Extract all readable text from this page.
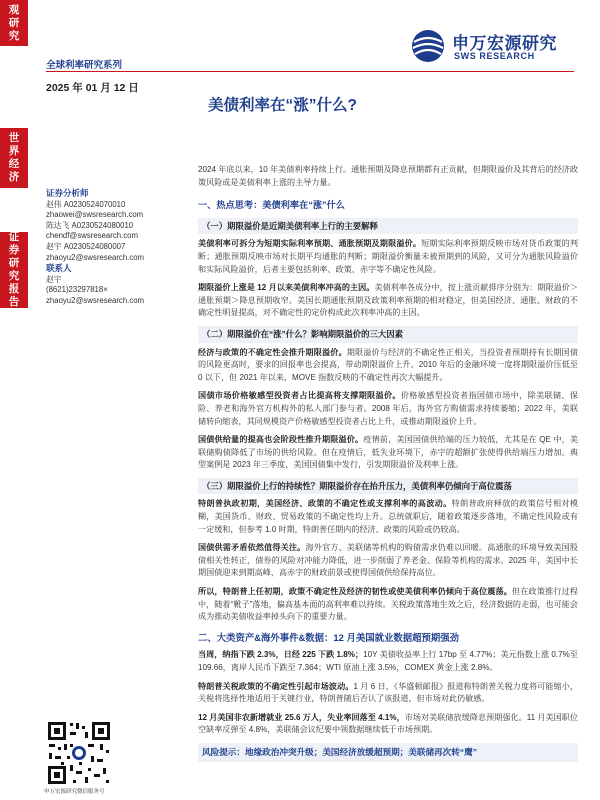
观研究
世界经济
证券研究报告
全球利率研究系列
2025 年 01 月 12 日
申万宏源研究
SWS RESEARCH
美债利率在“涨”什么?
证券分析师
赵伟 A0230524070010
zhaowei@swsresearch.com
陈达飞 A0230524080010
chendf@swsresearch.com
赵宇 A0230524080007
zhaoyu2@swsresearch.com
联系人
赵宇
(8621)23297818×
zhaoyu2@swsresearch.com
申万宏源研究微信服务号

2024 年底以来，10 年美债利率持续上行。通胀预期及降息预期都有正贡献，但期限溢价及其背后的经济政策风险或是美债利率上涨的主导力量。

一、热点思考：美债利率在“涨”什么
（一）期限溢价是近期美债利率上行的主要解释

美债利率可拆分为短期实际利率预期、通胀预期及期限溢价。短期实际利率预期反映市场对货币政策的判断；通胀预期反映市场对长期平均通胀的判断；期限溢价衡量未被预期到的风险，又可分为通胀风险溢价和实际风险溢价，后者主要包括利率、政策、赤字等不确定性风险。

期限溢价上涨是 12 月以来美债利率冲高的主因。美债利率各成分中，按上涨贡献排序分别为：期限溢价＞通胀预期＞降息预期收窄。美国长期通胀预期及政策利率预期的相对稳定，但美国经济、通胀、财政的不确定性明显提高，对不确定性的定价构成此次利率冲高的主因。

（二）期限溢价在“涨”什么？影响期限溢价的三大因素

经济与政策的不确定性会推升期限溢价。期限溢价与经济的不确定性正相关，当投资者预期持有长期国债的风险更高时，要求的回报率也会提高，带动期限溢价上升。2010 年后的金融环境一度将期限溢价压低至 0 以下，但 2021 年以来，MOVE 指数反映的不确定性再次大幅提升。

国债市场价格敏感型投资者占比提高将支撑期限溢价。价格敏感型投资者指国债市场中，除美联储、保险、养老和海外官方机构外的私人部门参与者。2008 年后，海外官方购债需求持续萎缩；2022 年，美联储转向缩表，其同规模资产价格敏感型投资者占比上升，或推动期限溢价上升。

国债供给量的提高也会阶段性推升期限溢价。疫情前，美国国债供给端的压力较低，尤其是在 QE 中，美联储购债降低了市场的供给风险。但在疫情后，低失业环境下，赤字的超额扩张使得供给端压力增加。典型案例是 2023 年三季度，美国国债集中发行，引发期限溢价及利率上涨。

（三）期限溢价上行的持续性？期限溢价存在抬升压力，美债利率仍倾向于高位震荡

特朗普执政初期，美国经济、政策的不确定性或支撑利率的高波动。特朗普政府释放的政策信号相对模糊，美国货币、财政、贸易政策的不确定性均上升。总统就职后，随着政策逐步落地，不确定性风险或有一定缓和，但参考 1.0 时期，特朗普任期内的经济、政策的风险或仍较高。

国债供需矛盾依然值得关注。海外官方、美联储等机构的购债需求仍难以回暖。高通胀的环境导致美国股债相关性转正，债券的风险对冲能力降低，进一步削弱了养老金、保险等机构的需求。2025 年，美国中长期国债迎来到期高峰，高赤字的财政前景或使得国债供给保持高位。

所以，特朗普上任初期，政策不确定性及经济的韧性或使美债利率仍倾向于高位震荡。但在政策推行过程中，随着“靴子”落地，偏高基本面的高利率难以持续。关税政策落地生效之后，经济数据的走弱，也可能会成为推动美债收益率掉头向下的重要力量。

二、大类资产&海外事件&数据：12 月美国就业数据超预期强劲

当周，纳指下跌 2.3%，日经 225 下跌 1.8%；10Y 美债收益率上行 17bp 至 4.77%；美元指数上涨 0.7%至 109.66，离岸人民币下跌至 7.364；WTI 原油上涨 3.5%，COMEX 黄金上涨 2.8%。

特朗普关税政策的不确定性引起市场波动。1 月 6 日，《华盛顿邮报》报道称特朗普关税力度将可能缩小，关税将选择性地适用于关键行业，特朗普随后否认了该报道，但市场对此仍敏感。

12 月美国非农新增就业 25.6 万人，失业率回落至 4.1%，市场对美联储放缓降息预期强化。11 月美国职位空缺率反弹至 4.8%，美联储会议纪要中领数据继续低于市场预期。

风险提示：地缘政治冲突升级；美国经济放缓超预期；美联储再次转“鹰”
